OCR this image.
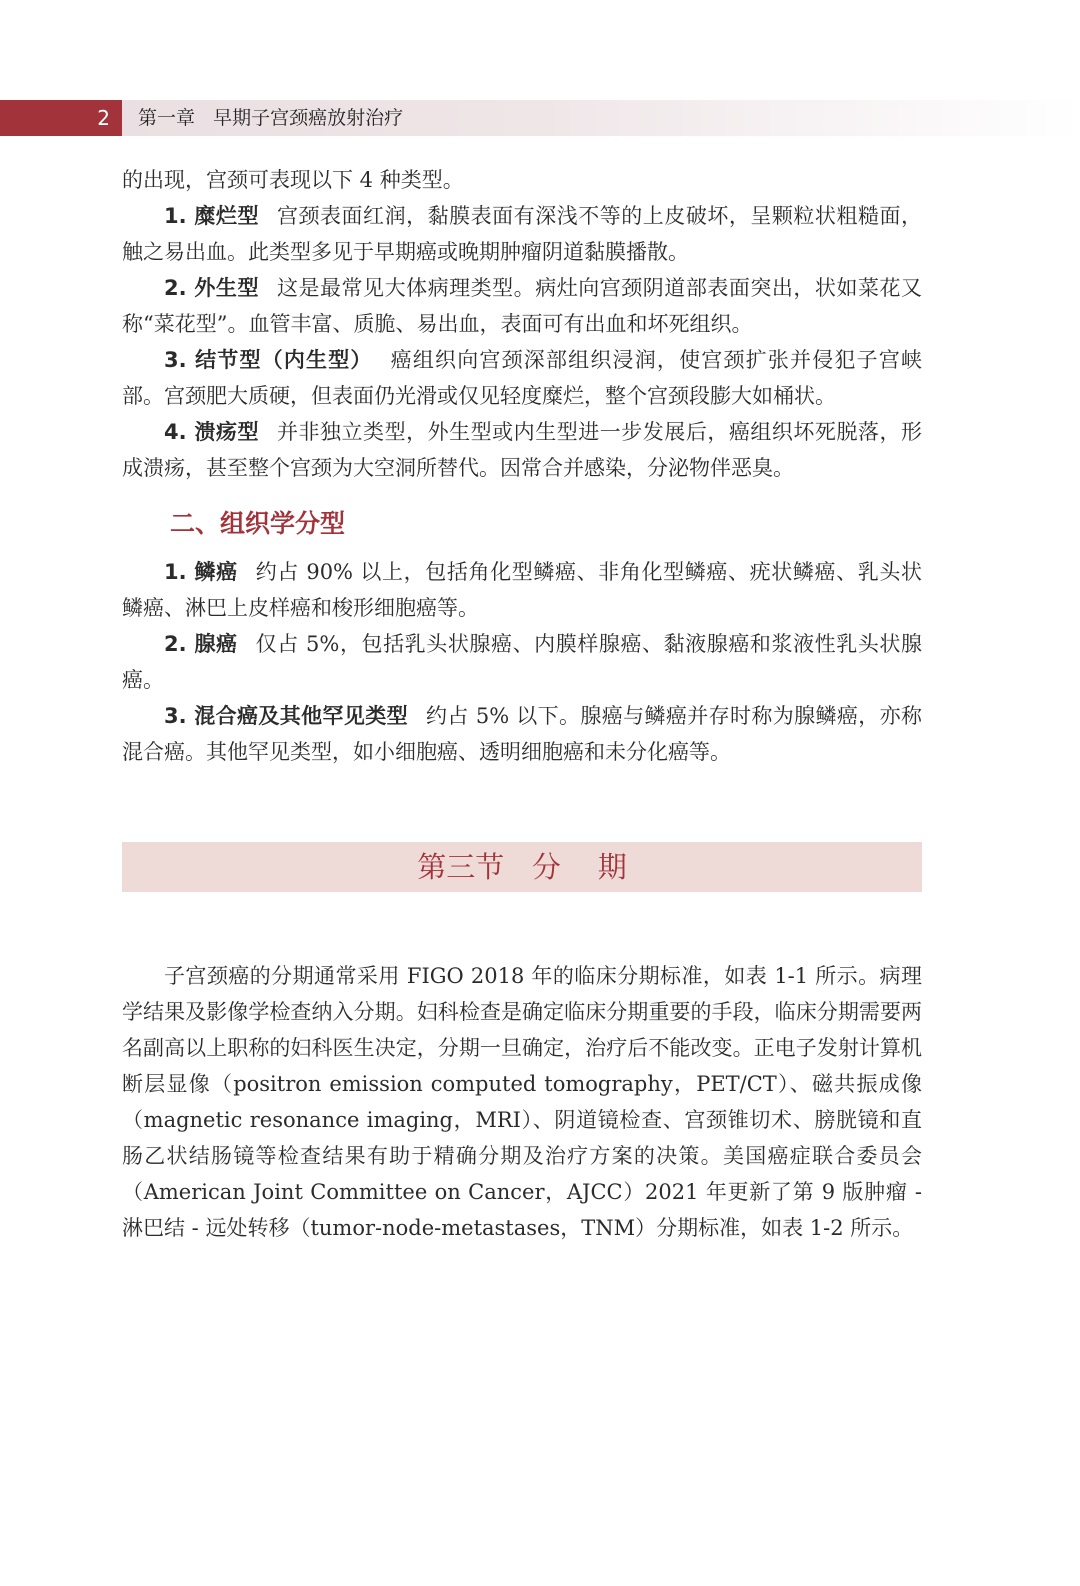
2	第一章   早期子宫颈癌放射治疗

的出现，宫颈可表现以下 4 种类型。

1. 糜烂型 宫颈表面红润，黏膜表面有深浅不等的上皮破坏，呈颗粒状粗糙面，触之易出血。此类型多见于早期癌或晚期肿瘤阴道黏膜播散。

2. 外生型 这是最常见大体病理类型。病灶向宫颈阴道部表面突出，状如菜花又称“菜花型”。血管丰富、质脆、易出血，表面可有出血和坏死组织。

3. 结节型（内生型） 癌组织向宫颈深部组织浸润，使宫颈扩张并侵犯子宫峡部。宫颈肥大质硬，但表面仍光滑或仅见轻度糜烂，整个宫颈段膨大如桶状。

4. 溃疡型 并非独立类型，外生型或内生型进一步发展后，癌组织坏死脱落，形成溃疡，甚至整个宫颈为大空洞所替代。因常合并感染，分泌物伴恶臭。

二、组织学分型

1. 鳞癌 约占 90% 以上，包括角化型鳞癌、非角化型鳞癌、疣状鳞癌、乳头状鳞癌、淋巴上皮样癌和梭形细胞癌等。

2. 腺癌 仅占 5%，包括乳头状腺癌、内膜样腺癌、黏液腺癌和浆液性乳头状腺癌。

3. 混合癌及其他罕见类型 约占 5% 以下。腺癌与鳞癌并存时称为腺鳞癌，亦称混合癌。其他罕见类型，如小细胞癌、透明细胞癌和未分化癌等。

第三节   分    期

子宫颈癌的分期通常采用 FIGO 2018 年的临床分期标准，如表 1-1 所示。病理学结果及影像学检查纳入分期。妇科检查是确定临床分期重要的手段，临床分期需要两名副高以上职称的妇科医生决定，分期一旦确定，治疗后不能改变。正电子发射计算机断层显像（positron emission computed tomography，PET/CT）、磁共振成像（magnetic resonance imaging，MRI）、阴道镜检查、宫颈锥切术、膀胱镜和直肠乙状结肠镜等检查结果有助于精确分期及治疗方案的决策。美国癌症联合委员会（American Joint Committee on Cancer，AJCC）2021 年更新了第 9 版肿瘤 - 淋巴结 - 远处转移（tumor-node-metastases，TNM）分期标准，如表 1-2 所示。
